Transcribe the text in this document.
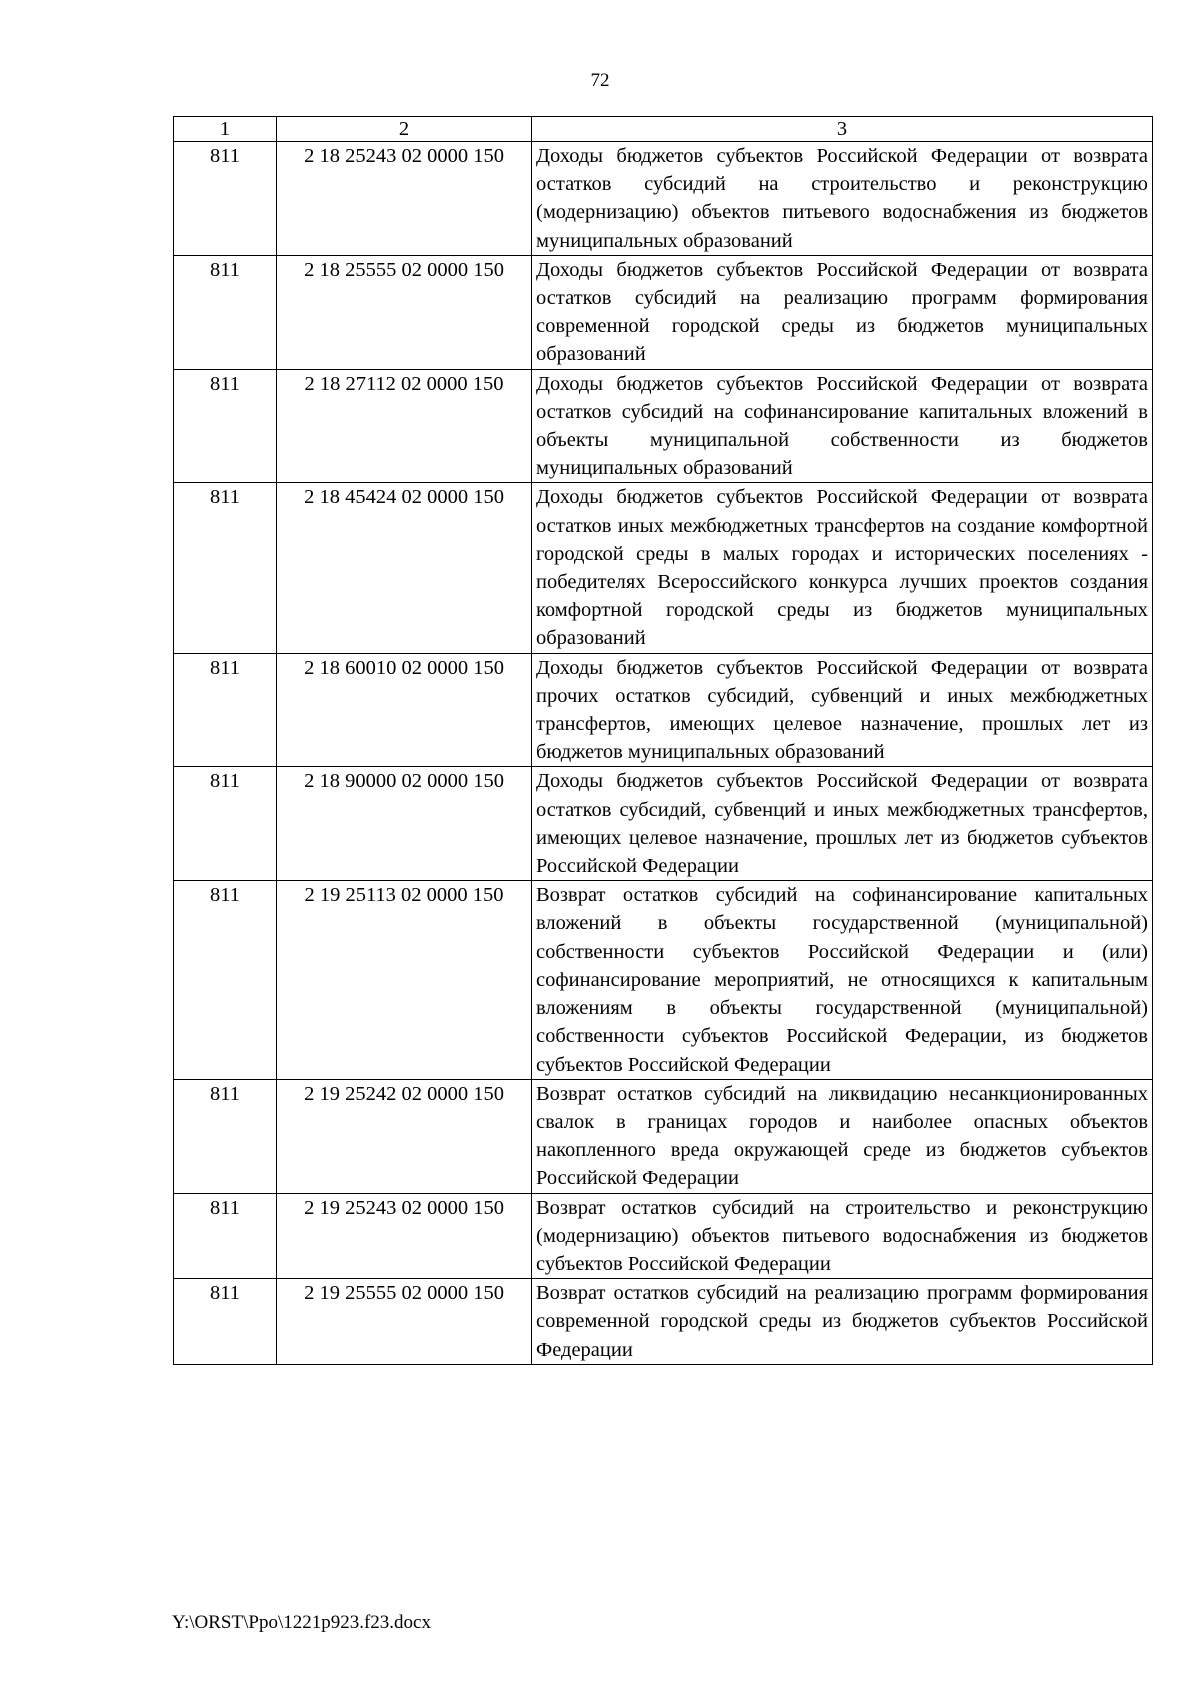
72
1	2	3
811	2 18 25243 02 0000 150	Доходы бюджетов субъектов Российской Федерации от возврата остатков субсидий на строительство и реконструкцию (модернизацию) объектов питьевого водоснабжения из бюджетов муниципальных образований
811	2 18 25555 02 0000 150	Доходы бюджетов субъектов Российской Федерации от возврата остатков субсидий на реализацию программ формирования современной городской среды из бюджетов муниципальных образований
811	2 18 27112 02 0000 150	Доходы бюджетов субъектов Российской Федерации от возврата остатков субсидий на софинансирование капитальных вложений в объекты муниципальной собственности из бюджетов муниципальных образований
811	2 18 45424 02 0000 150	Доходы бюджетов субъектов Российской Федерации от возврата остатков иных межбюджетных трансфертов на создание комфортной городской среды в малых городах и исторических поселениях - победителях Всероссийского конкурса лучших проектов создания комфортной городской среды из бюджетов муниципальных образований
811	2 18 60010 02 0000 150	Доходы бюджетов субъектов Российской Федерации от возврата прочих остатков субсидий, субвенций и иных межбюджетных трансфертов, имеющих целевое назначение, прошлых лет из бюджетов муниципальных образований
811	2 18 90000 02 0000 150	Доходы бюджетов субъектов Российской Федерации от возврата остатков субсидий, субвенций и иных межбюджетных трансфертов, имеющих целевое назначение, прошлых лет из бюджетов субъектов Российской Федерации
811	2 19 25113 02 0000 150	Возврат остатков субсидий на софинансирование капитальных вложений в объекты государственной (муниципальной) собственности субъектов Российской Федерации и (или) софинансирование мероприятий, не относящихся к капитальным вложениям в объекты государственной (муниципальной) собственности субъектов Российской Федерации, из бюджетов субъектов Российской Федерации
811	2 19 25242 02 0000 150	Возврат остатков субсидий на ликвидацию несанкционированных свалок в границах городов и наиболее опасных объектов накопленного вреда окружающей среде из бюджетов субъектов Российской Федерации
811	2 19 25243 02 0000 150	Возврат остатков субсидий на строительство и реконструкцию (модернизацию) объектов питьевого водоснабжения из бюджетов субъектов Российской Федерации
811	2 19 25555 02 0000 150	Возврат остатков субсидий на реализацию программ формирования современной городской среды из бюджетов субъектов Российской Федерации
Y:\ORST\Ppo\1221p923.f23.docx
